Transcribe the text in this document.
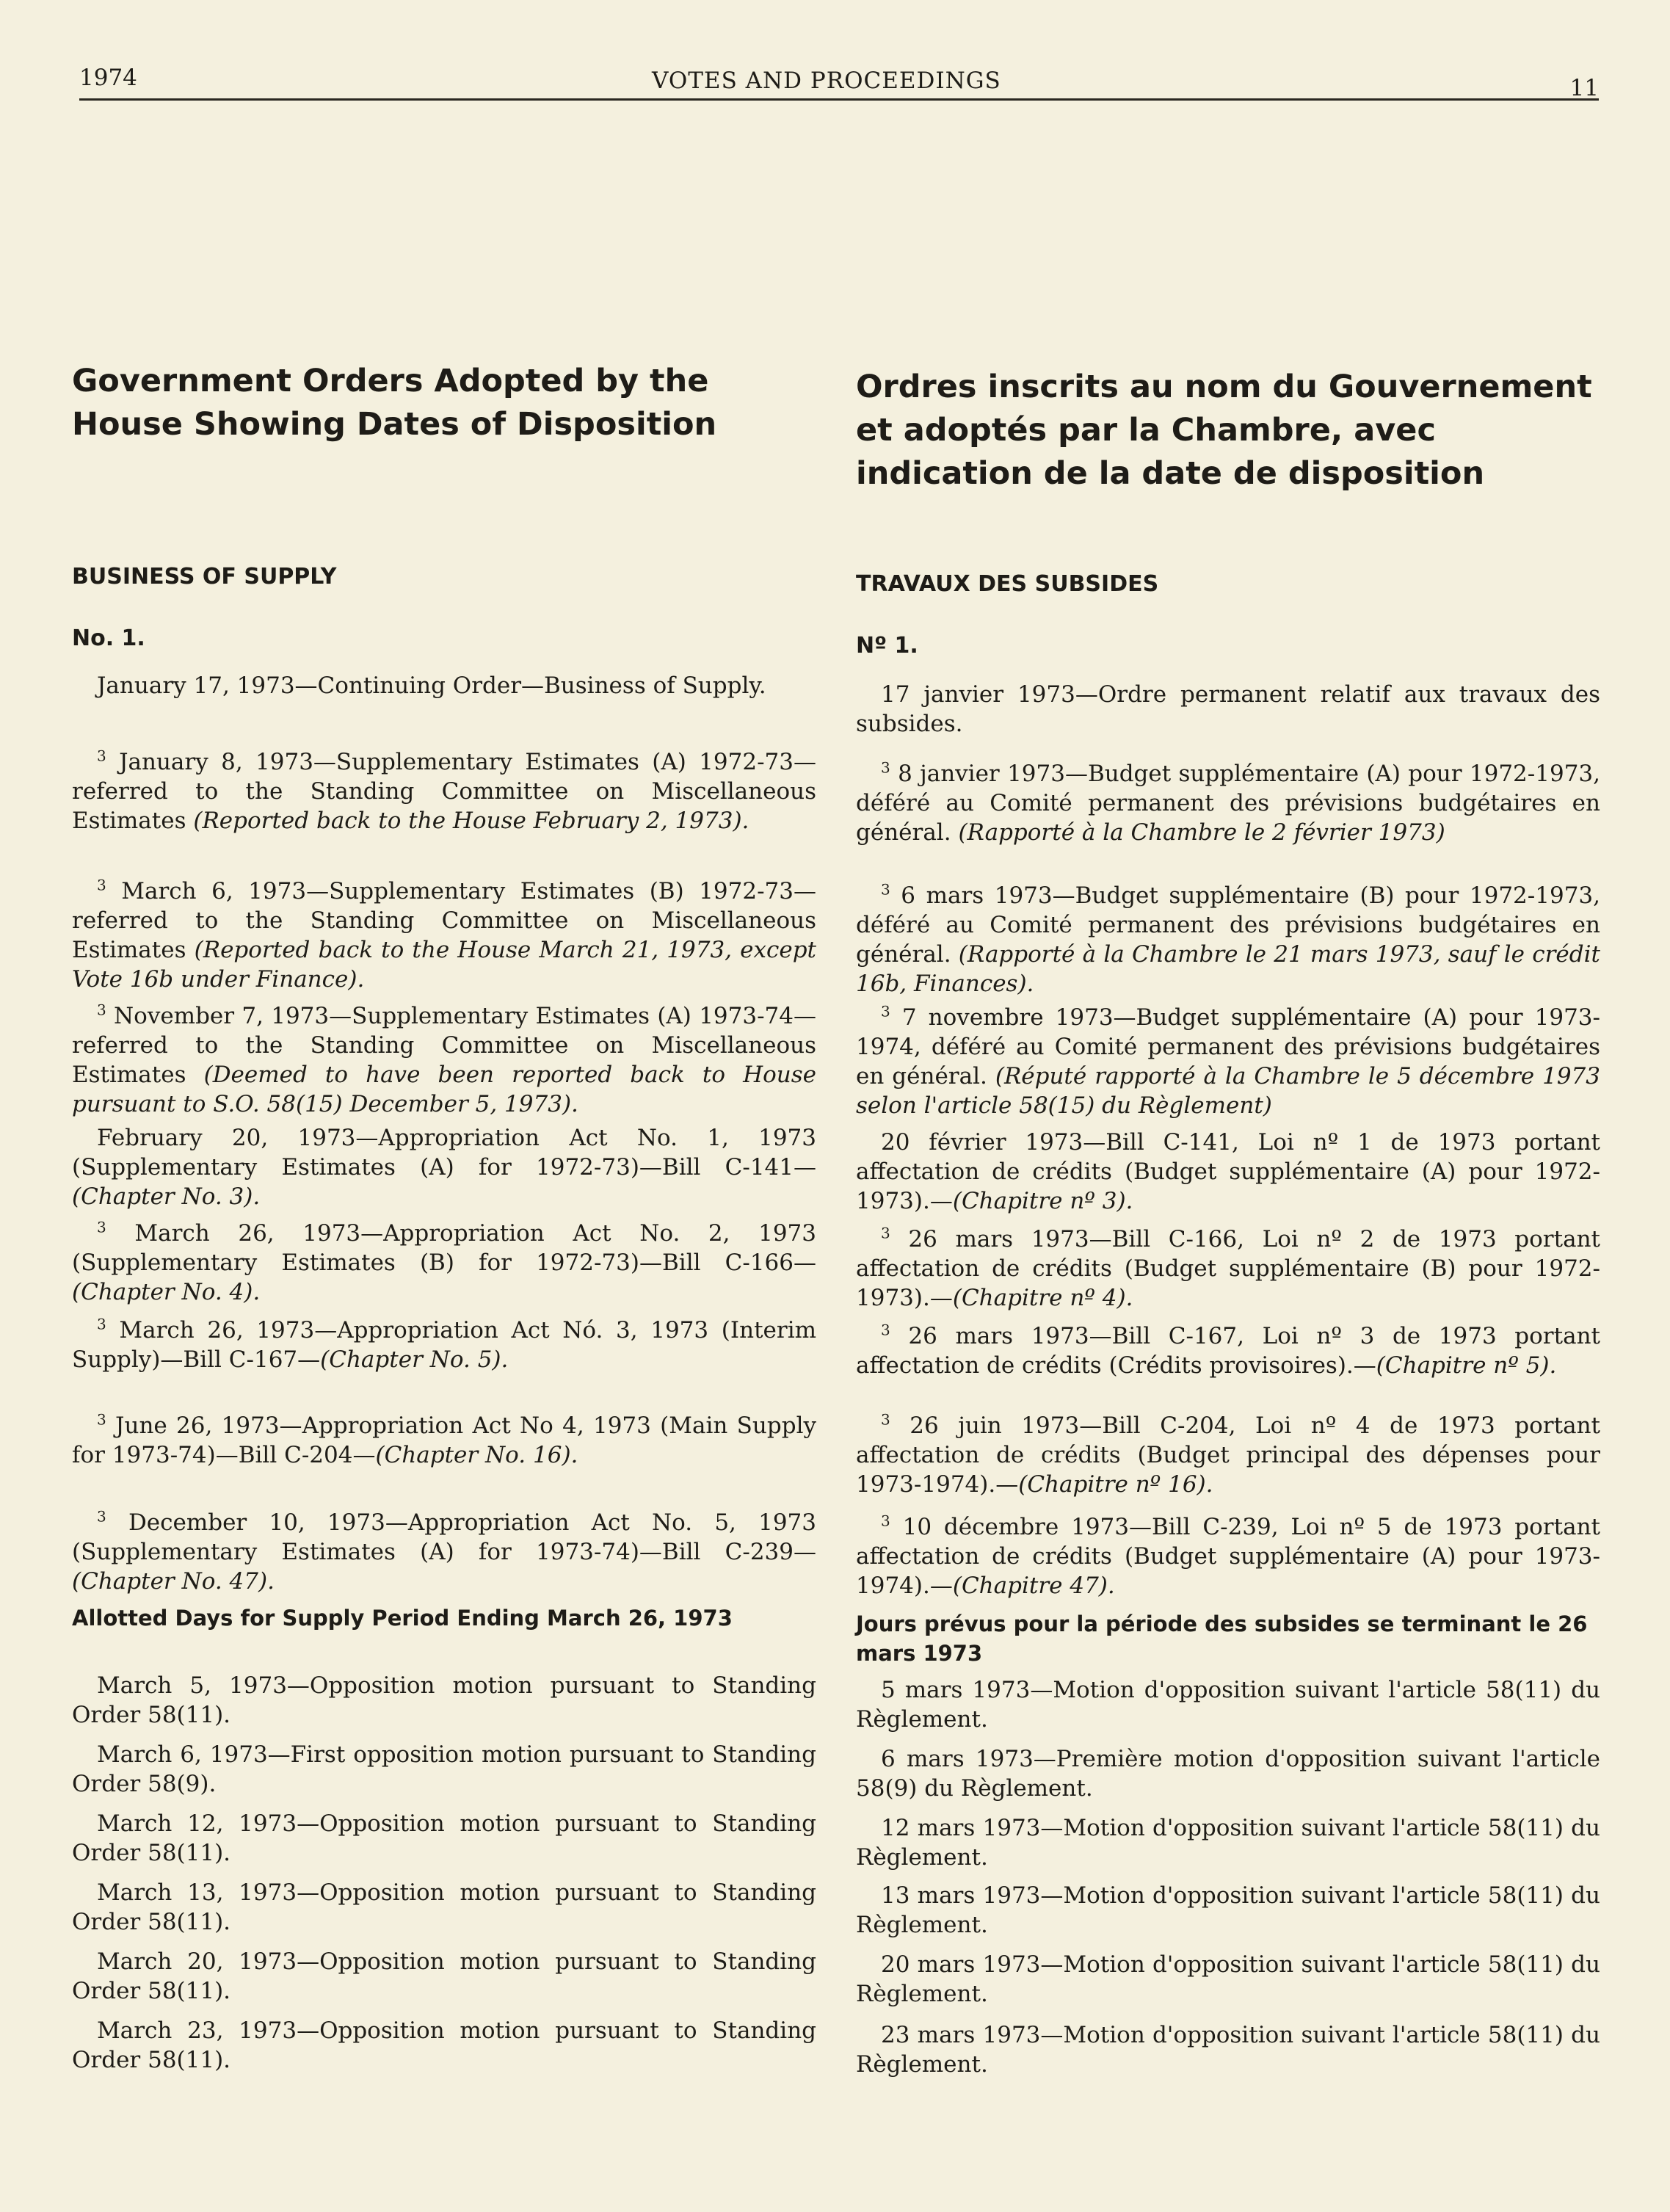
1974	VOTES AND PROCEEDINGS	11
Government Orders Adopted by the House Showing Dates of Disposition
BUSINESS OF SUPPLY
No. 1.

January 17, 1973—Continuing Order—Business of Supply.

$^3$ January 8, 1973—Supplementary Estimates (A) 1972-73—referred to the Standing Committee on Miscellaneous Estimates (Reported back to the House February 2, 1973).

$^3$ March 6, 1973—Supplementary Estimates (B) 1972-73—referred to the Standing Committee on Miscellaneous Estimates (Reported back to the House March 21, 1973, except Vote 16b under Finance).

$^3$ November 7, 1973—Supplementary Estimates (A) 1973-74—referred to the Standing Committee on Miscellaneous Estimates (Deemed to have been reported back to House pursuant to S.O. 58(15) December 5, 1973).

February 20, 1973—Appropriation Act No. 1, 1973 (Supplementary Estimates (A) for 1972-73)—Bill C-141—(Chapter No. 3).

$^3$ March 26, 1973—Appropriation Act No. 2, 1973 (Supplementary Estimates (B) for 1972-73)—Bill C-166—(Chapter No. 4).

$^3$ March 26, 1973—Appropriation Act Nó. 3, 1973 (Interim Supply)—Bill C-167—(Chapter No. 5).

$^3$ June 26, 1973—Appropriation Act No 4, 1973 (Main Supply for 1973-74)—Bill C-204—(Chapter No. 16).

$^3$ December 10, 1973—Appropriation Act No. 5, 1973 (Supplementary Estimates (A) for 1973-74)—Bill C-239—(Chapter No. 47).

Allotted Days for Supply Period Ending March 26, 1973

March 5, 1973—Opposition motion pursuant to Standing Order 58(11).

March 6, 1973—First opposition motion pursuant to Standing Order 58(9).

March 12, 1973—Opposition motion pursuant to Standing Order 58(11).

March 13, 1973—Opposition motion pursuant to Standing Order 58(11).

March 20, 1973—Opposition motion pursuant to Standing Order 58(11).

March 23, 1973—Opposition motion pursuant to Standing Order 58(11).

Ordres inscrits au nom du Gouvernement et adoptés par la Chambre, avec indication de la date de disposition
TRAVAUX DES SUBSIDES
Nº 1.

17 janvier 1973—Ordre permanent relatif aux travaux des subsides.

$^3$ 8 janvier 1973—Budget supplémentaire (A) pour 1972-1973, déféré au Comité permanent des prévisions budgétaires en général. (Rapporté à la Chambre le 2 février 1973)

$^3$ 6 mars 1973—Budget supplémentaire (B) pour 1972-1973, déféré au Comité permanent des prévisions budgétaires en général. (Rapporté à la Chambre le 21 mars 1973, sauf le crédit 16b, Finances).

$^3$ 7 novembre 1973—Budget supplémentaire (A) pour 1973-1974, déféré au Comité permanent des prévisions budgétaires en général. (Réputé rapporté à la Chambre le 5 décembre 1973 selon l'article 58(15) du Règlement)

20 février 1973—Bill C-141, Loi nº 1 de 1973 portant affectation de crédits (Budget supplémentaire (A) pour 1972-1973).—(Chapitre nº 3).

$^3$ 26 mars 1973—Bill C-166, Loi nº 2 de 1973 portant affectation de crédits (Budget supplémentaire (B) pour 1972-1973).—(Chapitre nº 4).

$^3$ 26 mars 1973—Bill C-167, Loi nº 3 de 1973 portant affectation de crédits (Crédits provisoires).—(Chapitre nº 5).

$^3$ 26 juin 1973—Bill C-204, Loi nº 4 de 1973 portant affectation de crédits (Budget principal des dépenses pour 1973-1974).—(Chapitre nº 16).

$^3$ 10 décembre 1973—Bill C-239, Loi nº 5 de 1973 portant affectation de crédits (Budget supplémentaire (A) pour 1973-1974).—(Chapitre 47).

Jours prévus pour la période des subsides se terminant le 26 mars 1973

5 mars 1973—Motion d'opposition suivant l'article 58(11) du Règlement.

6 mars 1973—Première motion d'opposition suivant l'article 58(9) du Règlement.

12 mars 1973—Motion d'opposition suivant l'article 58(11) du Règlement.

13 mars 1973—Motion d'opposition suivant l'article 58(11) du Règlement.

20 mars 1973—Motion d'opposition suivant l'article 58(11) du Règlement.

23 mars 1973—Motion d'opposition suivant l'article 58(11) du Règlement.
